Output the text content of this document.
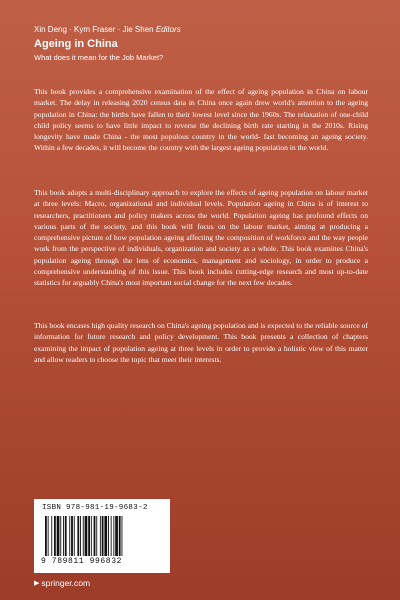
Xin Deng · Kym Fraser · Jie Shen Editors
Ageing in China
What does it mean for the Job Market?
This book provides a comprehensive examination of the effect of ageing population in China on labour market. The delay in releasing 2020 census data in China once again drew world's attention to the ageing population in China: the births have fallen to their lowest level since the 1960s. The relaxation of one-child child policy seems to have little impact to reverse the declining birth rate starting in the 2010s. Rising longevity have made China - the most populous country in the world- fast becoming an ageing society. Within a few decades, it will become the country with the largest ageing population in the world.
This book adopts a multi-disciplinary approach to explore the effects of ageing population on labour market at three levels: Macro, organizational and individual levels. Population ageing in China is of interest to researchers, practitioners and policy makers across the world. Population ageing has profound effects on various parts of the society, and this book will focus on the labour market, aiming at producing a comprehensive picture of how population ageing affecting the composition of workforce and the way people work from the perspective of individuals, organization and society as a whole. This book examines China's population ageing through the lens of economics, management and sociology, in order to produce a comprehensive understanding of this issue. This book includes cutting-edge research and most up-to-date statistics for arguably China's most important social change for the next few decades.
This book encases high quality research on China's ageing population and is expected to the reliable source of information for future research and policy development. This book presents a collection of chapters examining the impact of population ageing at three levels in order to provide a holistic view of this matter and allow readers to choose the topic that meet their interests.
ISBN 978-981-19-9683-2
9 789811 996832
▶ springer.com
